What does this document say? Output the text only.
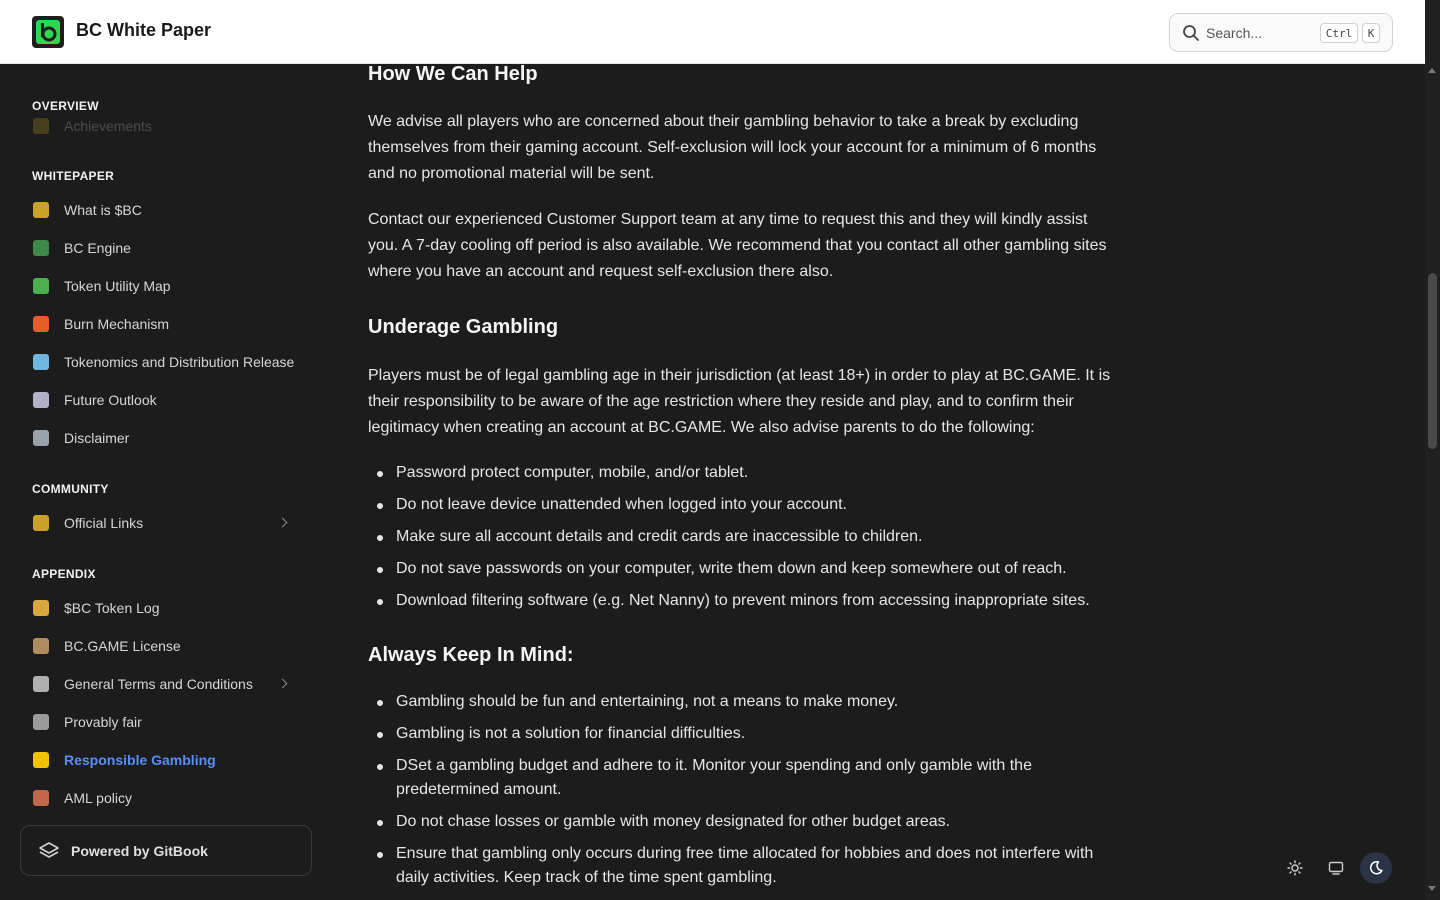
BC White Paper	Search...	Ctrl	K
OVERVIEW
Achievements
WHITEPAPER
COMMUNITY
APPENDIX
Powered by GitBook
What is $BC
BC Engine
Token Utility Map
Burn Mechanism
Tokenomics and Distribution Release
Future Outlook
Disclaimer
Official Links
$BC Token Log
BC.GAME License
General Terms and Conditions
Provably fair
Responsible Gambling
AML policy
How We Can Help

We advise all players who are concerned about their gambling behavior to take a break by excluding themselves from their gaming account. Self-exclusion will lock your account for a minimum of 6 months and no promotional material will be sent.

Contact our experienced Customer Support team at any time to request this and they will kindly assist you. A 7-day cooling off period is also available. We recommend that you contact all other gambling sites where you have an account and request self-exclusion there also.

Underage Gambling

Players must be of legal gambling age in their jurisdiction (at least 18+) in order to play at BC.GAME. It is their responsibility to be aware of the age restriction where they reside and play, and to confirm their legitimacy when creating an account at BC.GAME. We also advise parents to do the following:

Password protect computer, mobile, and/or tablet.
Do not leave device unattended when logged into your account.
Make sure all account details and credit cards are inaccessible to children.
Do not save passwords on your computer, write them down and keep somewhere out of reach.
Download filtering software (e.g. Net Nanny) to prevent minors from accessing inappropriate sites.
Always Keep In Mind:
Gambling should be fun and entertaining, not a means to make money.
Gambling is not a solution for financial difficulties.
DSet a gambling budget and adhere to it. Monitor your spending and only gamble with the predetermined amount.
Do not chase losses or gamble with money designated for other budget areas.
Ensure that gambling only occurs during free time allocated for hobbies and does not interfere with daily activities. Keep track of the time spent gambling.
